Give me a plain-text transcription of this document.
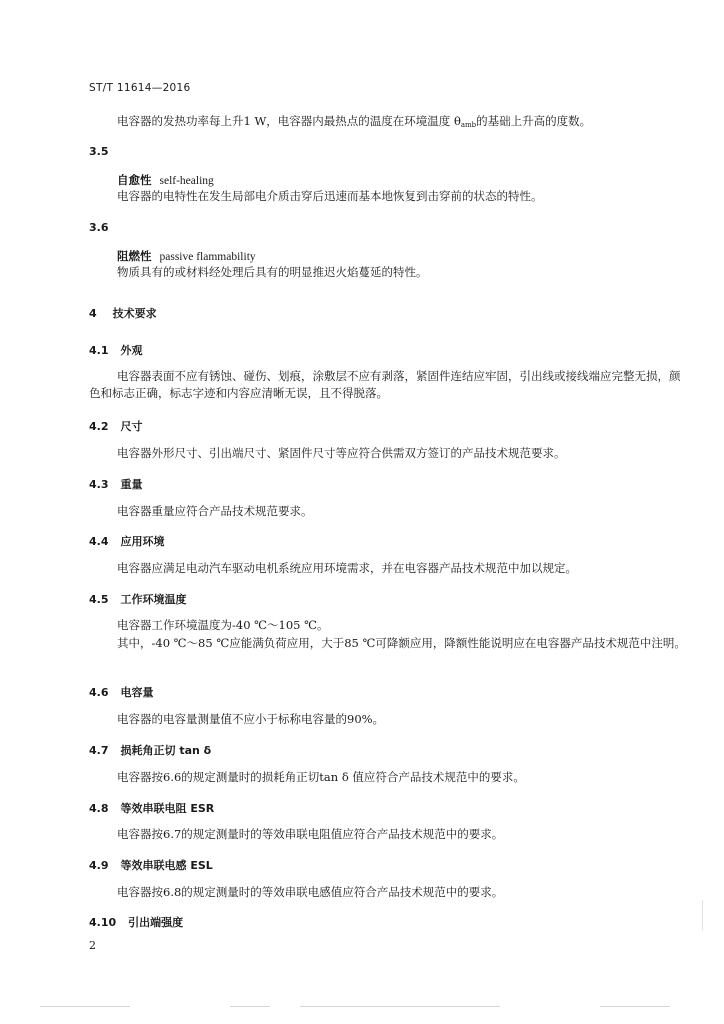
ST/T 11614—2016
电容器的发热功率每上升1 W，电容器内最热点的温度在环境温度 $\theta_{amb}$的基础上升高的度数。
3.5
自愈性 self-healing
电容器的电特性在发生局部电介质击穿后迅速而基本地恢复到击穿前的状态的特性。
3.6
阻燃性 passive flammability
物质具有的或材料经处理后具有的明显推迟火焰蔓延的特性。
4 技术要求
4.1 外观
电容器表面不应有锈蚀、碰伤、划痕，涂敷层不应有剥落，紧固件连结应牢固，引出线或接线端应完整无损，颜色和标志正确，标志字迹和内容应清晰无误，且不得脱落。
4.2 尺寸
电容器外形尺寸、引出端尺寸、紧固件尺寸等应符合供需双方签订的产品技术规范要求。
4.3 重量
电容器重量应符合产品技术规范要求。
4.4 应用环境
电容器应满足电动汽车驱动电机系统应用环境需求，并在电容器产品技术规范中加以规定。
4.5 工作环境温度
电容器工作环境温度为-40 ℃～105 ℃。
其中，-40 ℃～85 ℃应能满负荷应用，大于85 ℃可降额应用，降额性能说明应在电容器产品技术规范中注明。
4.6 电容量
电容器的电容量测量值不应小于标称电容量的90%。
4.7 损耗角正切 tan δ
电容器按6.6的规定测量时的损耗角正切tan δ 值应符合产品技术规范中的要求。
4.8 等效串联电阻 ESR
电容器按6.7的规定测量时的等效串联电阻值应符合产品技术规范中的要求。
4.9 等效串联电感 ESL
电容器按6.8的规定测量时的等效串联电感值应符合产品技术规范中的要求。
4.10 引出端强度
2
